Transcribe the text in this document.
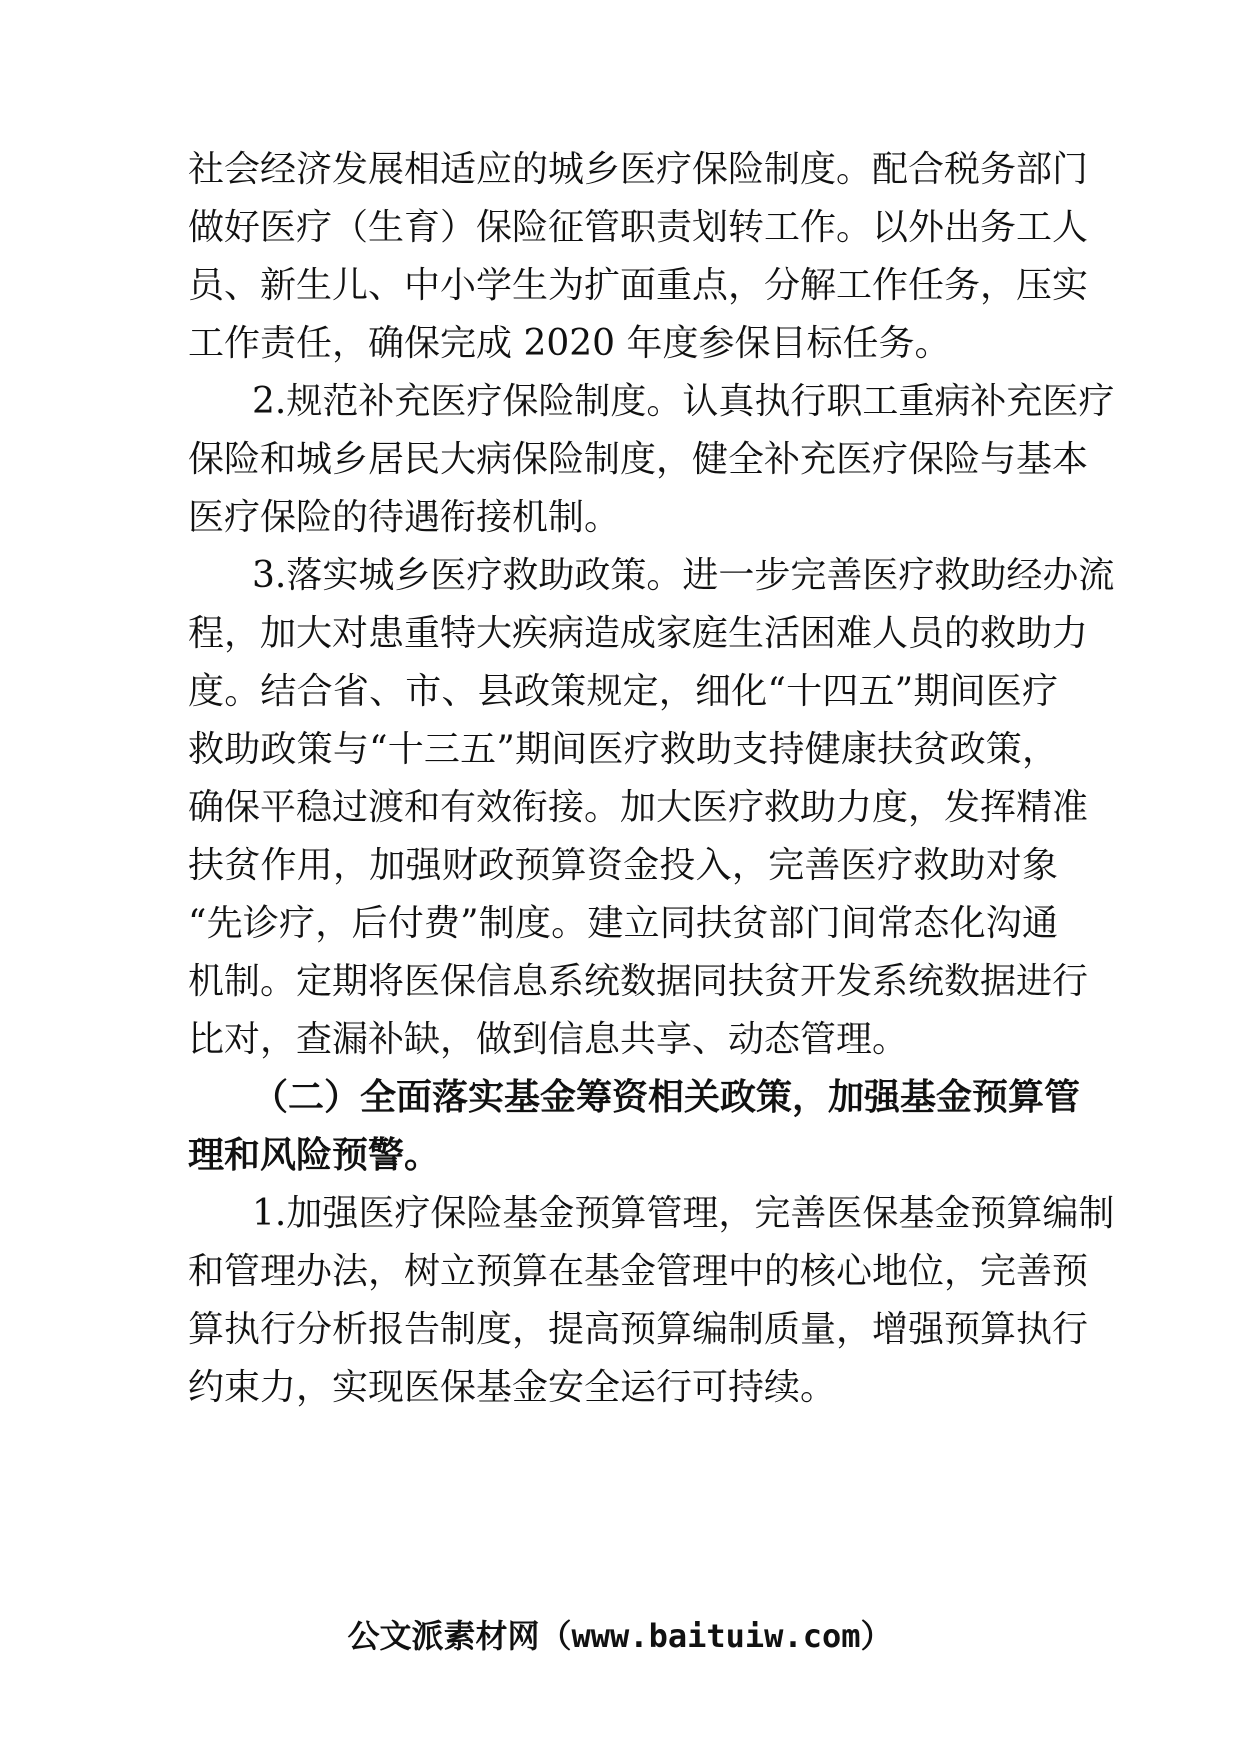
社会经济发展相适应的城乡医疗保险制度。配合税务部门
做好医疗（生育）保险征管职责划转工作。以外出务工人
员、新生儿、中小学生为扩面重点，分解工作任务，压实
工作责任，确保完成 2020 年度参保目标任务。
2.规范补充医疗保险制度。认真执行职工重病补充医疗
保险和城乡居民大病保险制度，健全补充医疗保险与基本
医疗保险的待遇衔接机制。
3.落实城乡医疗救助政策。进一步完善医疗救助经办流
程，加大对患重特大疾病造成家庭生活困难人员的救助力
度。结合省、市、县政策规定，细化“十四五”期间医疗
救助政策与“十三五”期间医疗救助支持健康扶贫政策，
确保平稳过渡和有效衔接。加大医疗救助力度，发挥精准
扶贫作用，加强财政预算资金投入，完善医疗救助对象
“先诊疗，后付费”制度。建立同扶贫部门间常态化沟通
机制。定期将医保信息系统数据同扶贫开发系统数据进行
比对，查漏补缺，做到信息共享、动态管理。
（二）全面落实基金筹资相关政策，加强基金预算管
理和风险预警。
1.加强医疗保险基金预算管理，完善医保基金预算编制
和管理办法，树立预算在基金管理中的核心地位，完善预
算执行分析报告制度，提高预算编制质量，增强预算执行
约束力，实现医保基金安全运行可持续。
公文派素材网（www.baituiw.com）
